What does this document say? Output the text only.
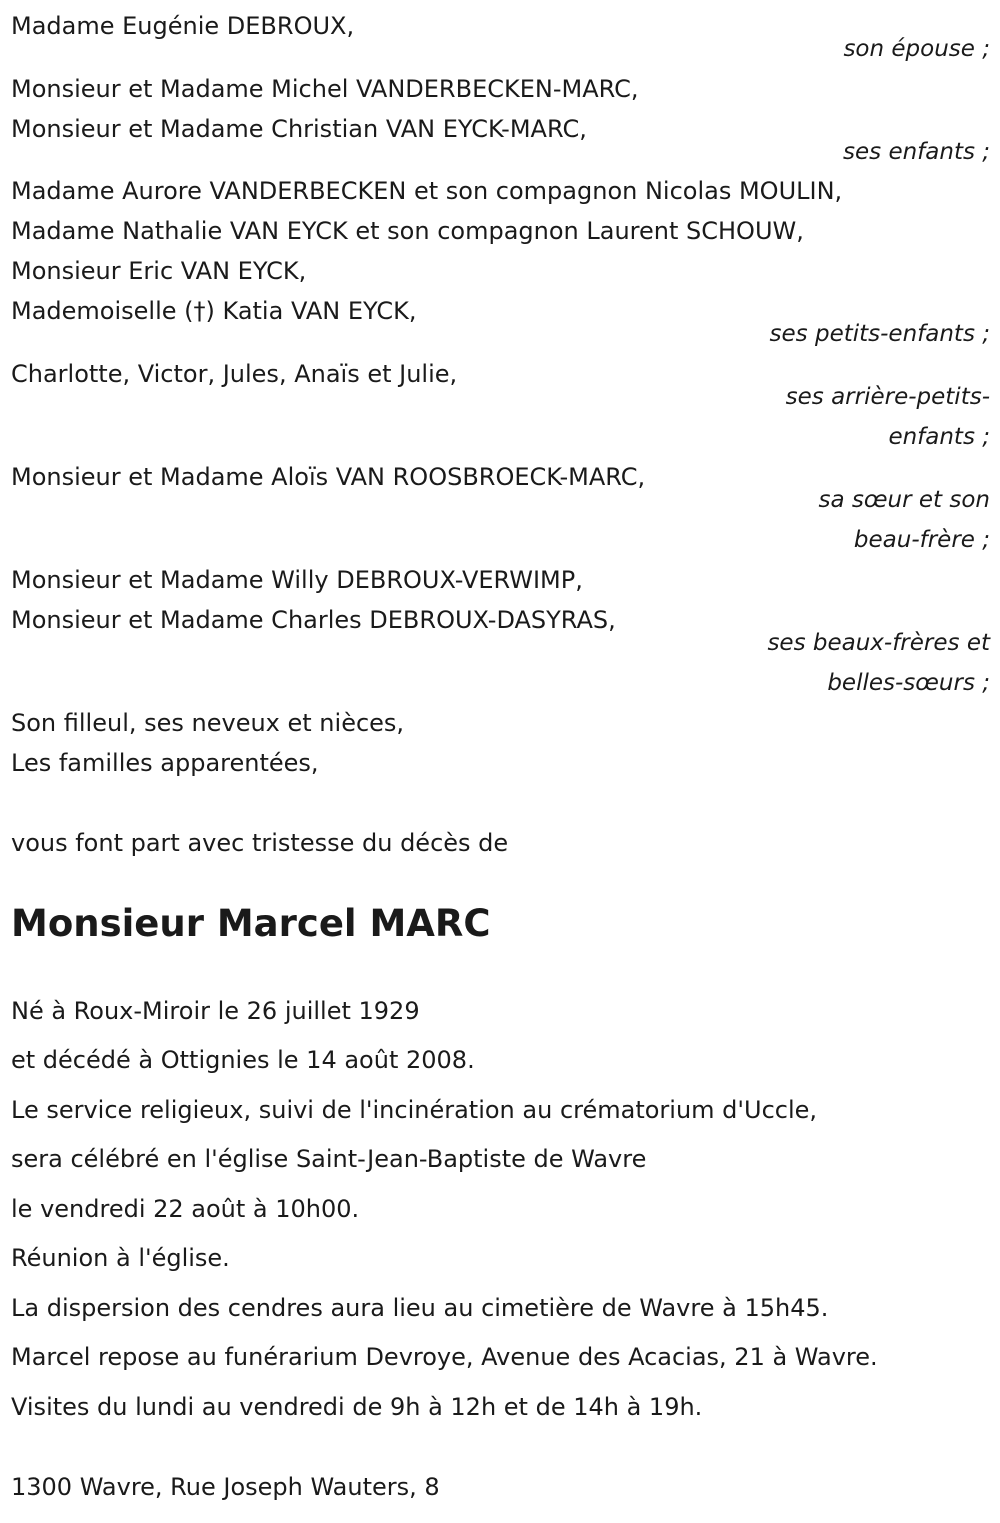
Madame Eugénie DEBROUX,
son épouse ;
Monsieur et Madame Michel VANDERBECKEN-MARC,
Monsieur et Madame Christian VAN EYCK-MARC,
ses enfants ;
Madame Aurore VANDERBECKEN et son compagnon Nicolas MOULIN,
Madame Nathalie VAN EYCK et son compagnon Laurent SCHOUW,
Monsieur Eric VAN EYCK,
Mademoiselle (†) Katia VAN EYCK,
ses petits-enfants ;
Charlotte, Victor, Jules, Anaïs et Julie,
ses arrière-petits-
enfants ;
Monsieur et Madame Aloïs VAN ROOSBROECK-MARC,
sa sœur et son
beau-frère ;
Monsieur et Madame Willy DEBROUX-VERWIMP,
Monsieur et Madame Charles DEBROUX-DASYRAS,
ses beaux-frères et
belles-sœurs ;
Son filleul, ses neveux et nièces,
Les familles apparentées,
vous font part avec tristesse du décès de
Monsieur Marcel MARC
Né à Roux-Miroir le 26 juillet 1929
et décédé à Ottignies le 14 août 2008.
Le service religieux, suivi de l'incinération au crématorium d'Uccle,
sera célébré en l'église Saint-Jean-Baptiste de Wavre
le vendredi 22 août à 10h00.
Réunion à l'église.
La dispersion des cendres aura lieu au cimetière de Wavre à 15h45.
Marcel repose au funérarium Devroye, Avenue des Acacias, 21 à Wavre.
Visites du lundi au vendredi de 9h à 12h et de 14h à 19h.
1300 Wavre, Rue Joseph Wauters, 8
